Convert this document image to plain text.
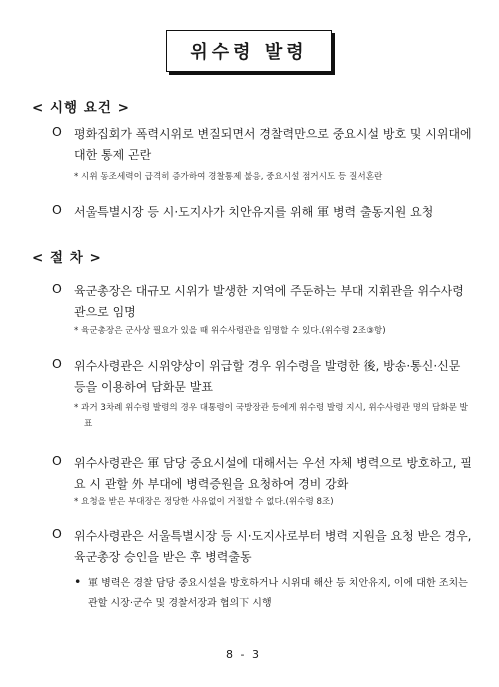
위수령 발령
< 시행 요건 >
O 평화집회가 폭력시위로 변질되면서 경찰력만으로 중요시설 방호 및 시위대에 대한 통제 곤란
* 시위 동조세력이 급격히 증가하여 경찰통제 불응, 중요시설 점거시도 등 질서혼란
O 서울특별시장 등 시·도지사가 치안유지를 위해 軍 병력 출동지원 요청
< 절 차 >
O 육군총장은 대규모 시위가 발생한 지역에 주둔하는 부대 지휘관을 위수사령관으로 임명
* 육군총장은 군사상 필요가 있을 때 위수사령관을 임명할 수 있다.(위수령 2조③항)
O 위수사령관은 시위양상이 위급할 경우 위수령을 발령한 後, 방송·통신·신문 등을 이용하여 담화문 발표
* 과거 3차례 위수령 발령의 경우 대통령이 국방장관 등에게 위수령 발령 지시, 위수사령관 명의 담화문 발표
O 위수사령관은 軍 담당 중요시설에 대해서는 우선 자체 병력으로 방호하고, 필요 시 관할 外 부대에 병력증원을 요청하여 경비 강화
* 요청을 받은 부대장은 정당한 사유없이 거절할 수 없다.(위수령 8조)
O 위수사령관은 서울특별시장 등 시·도지사로부터 병력 지원을 요청 받은 경우, 육군총장 승인을 받은 후 병력출동
• 軍 병력은 경찰 담당 중요시설을 방호하거나 시위대 해산 등 치안유지, 이에 대한 조치는 관할 시장·군수 및 경찰서장과 협의下 시행
8 - 3
